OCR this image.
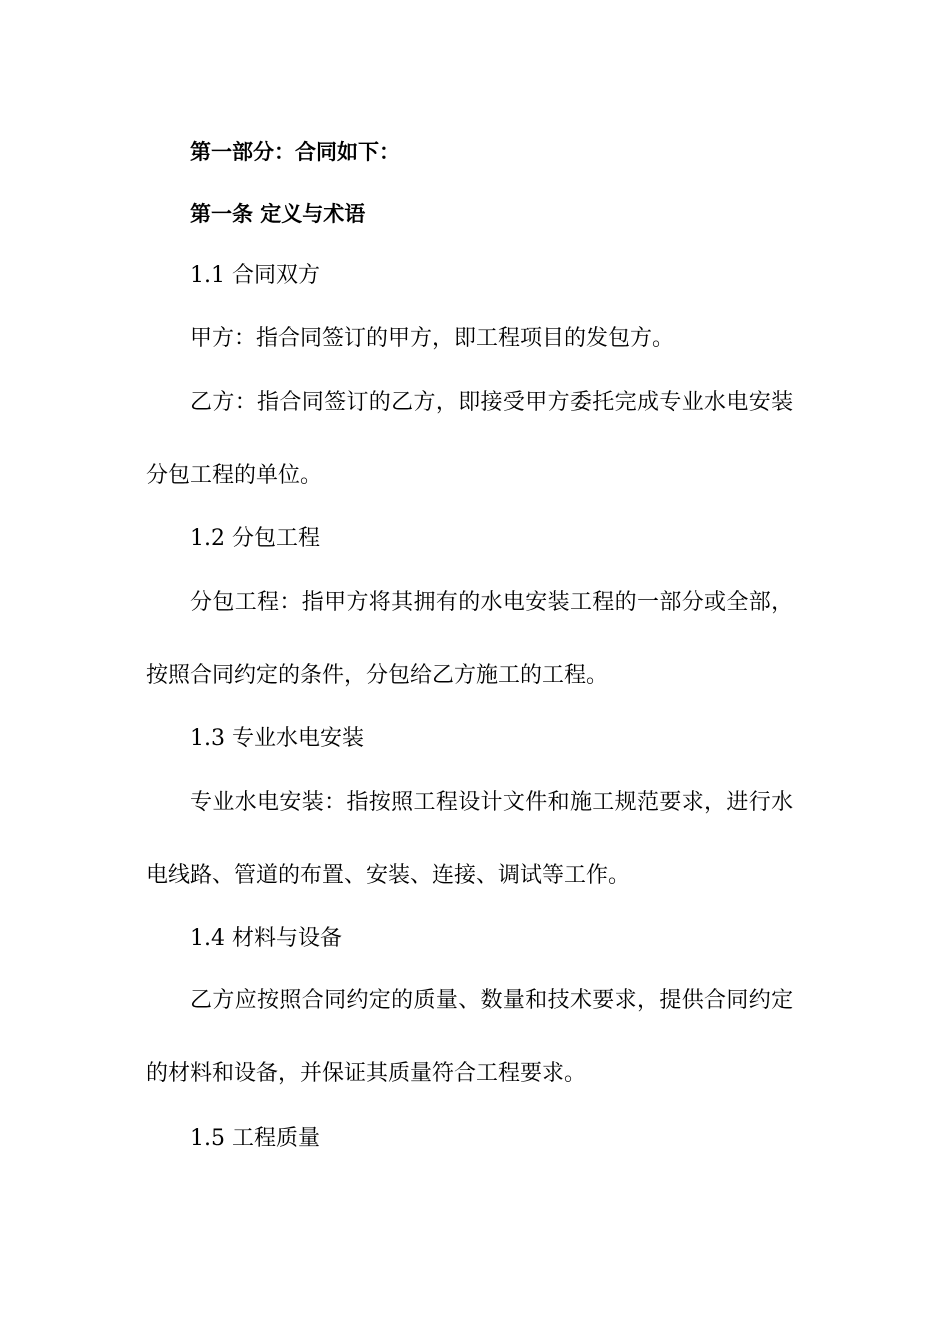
第一部分：合同如下：
第一条 定义与术语
1.1 合同双方
甲方：指合同签订的甲方，即工程项目的发包方。
乙方：指合同签订的乙方，即接受甲方委托完成专业水电安装
分包工程的单位。
1.2 分包工程
分包工程：指甲方将其拥有的水电安装工程的一部分或全部，
按照合同约定的条件，分包给乙方施工的工程。
1.3 专业水电安装
专业水电安装：指按照工程设计文件和施工规范要求，进行水
电线路、管道的布置、安装、连接、调试等工作。
1.4 材料与设备
乙方应按照合同约定的质量、数量和技术要求，提供合同约定
的材料和设备，并保证其质量符合工程要求。
1.5 工程质量
